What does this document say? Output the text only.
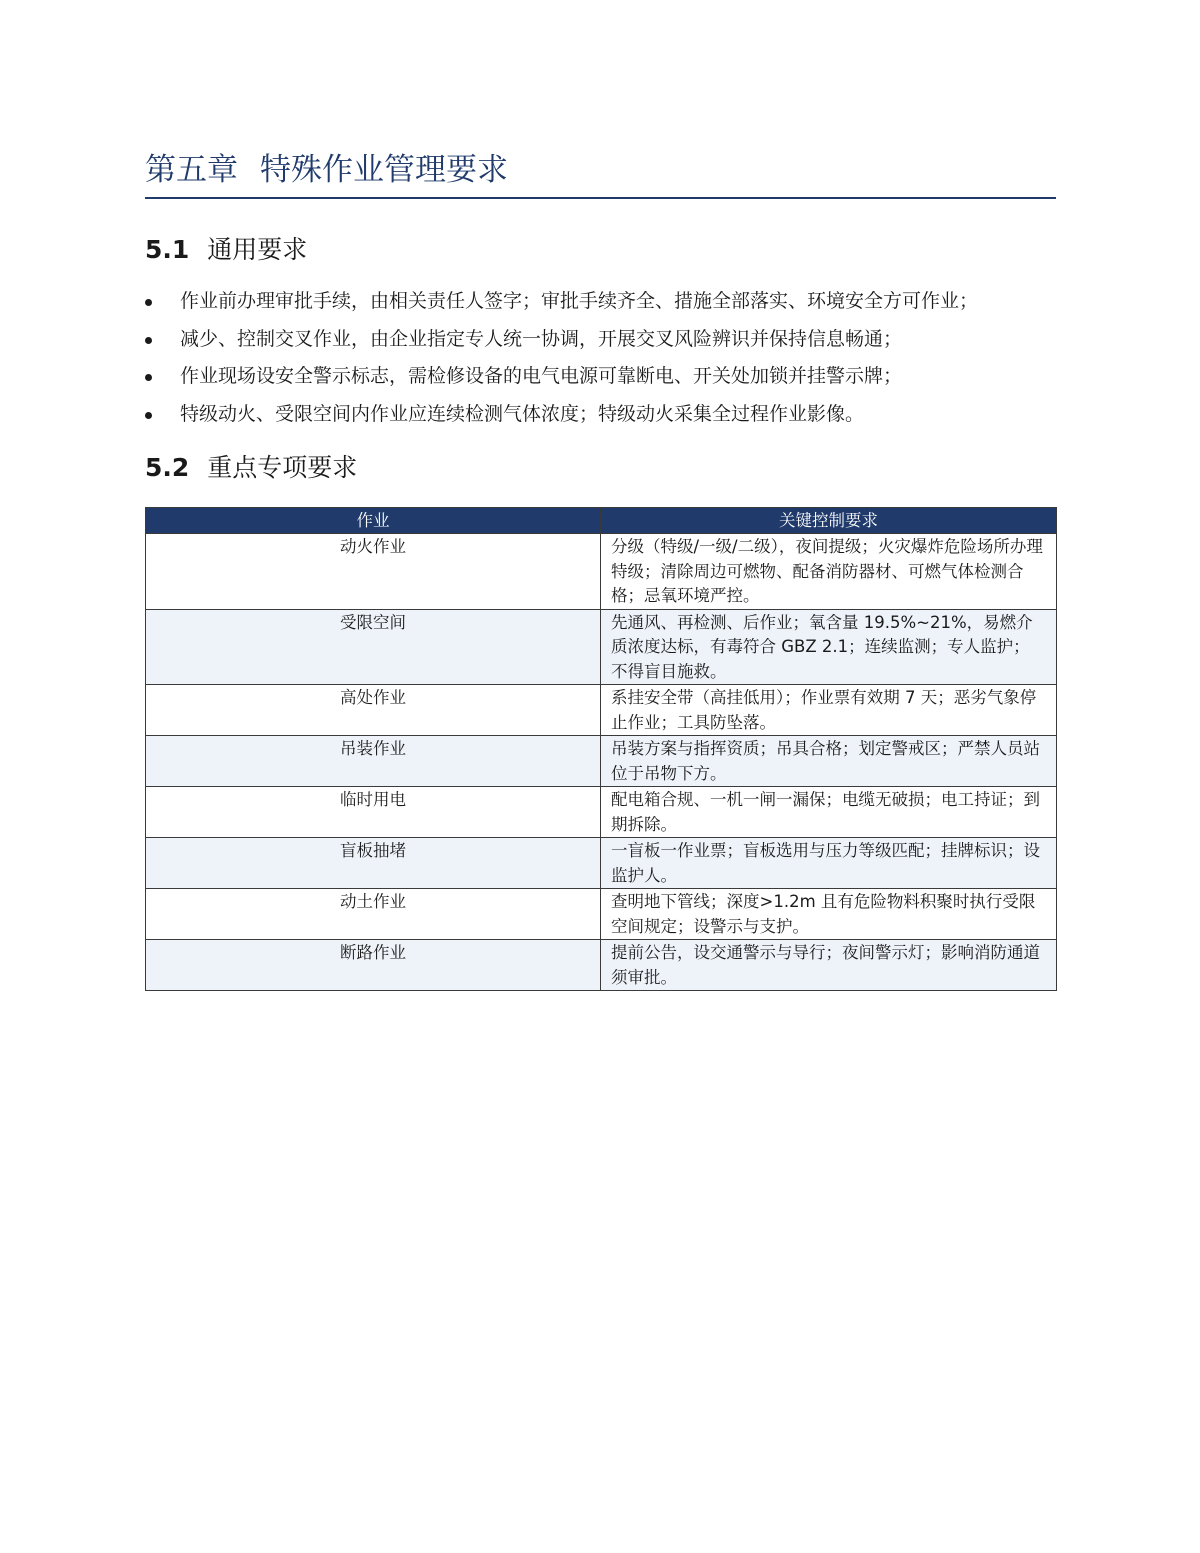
第五章 特殊作业管理要求
5.1 通用要求
作业前办理审批手续，由相关责任人签字；审批手续齐全、措施全部落实、环境安全方可作业；
减少、控制交叉作业，由企业指定专人统一协调，开展交叉风险辨识并保持信息畅通；
作业现场设安全警示标志，需检修设备的电气电源可靠断电、开关处加锁并挂警示牌；
特级动火、受限空间内作业应连续检测气体浓度；特级动火采集全过程作业影像。
5.2 重点专项要求
作业	关键控制要求
动火作业	分级（特级/一级/二级），夜间提级；火灾爆炸危险场所办理特级；清除周边可燃物、配备消防器材、可燃气体检测合格；忌氧环境严控。
受限空间	先通风、再检测、后作业；氧含量 19.5%~21%，易燃介质浓度达标，有毒符合 GBZ 2.1；连续监测；专人监护；不得盲目施救。
高处作业	系挂安全带（高挂低用）；作业票有效期 7 天；恶劣气象停止作业；工具防坠落。
吊装作业	吊装方案与指挥资质；吊具合格；划定警戒区；严禁人员站位于吊物下方。
临时用电	配电箱合规、一机一闸一漏保；电缆无破损；电工持证；到期拆除。
盲板抽堵	一盲板一作业票；盲板选用与压力等级匹配；挂牌标识；设监护人。
动土作业	查明地下管线；深度>1.2m 且有危险物料积聚时执行受限空间规定；设警示与支护。
断路作业	提前公告，设交通警示与导行；夜间警示灯；影响消防通道须审批。
